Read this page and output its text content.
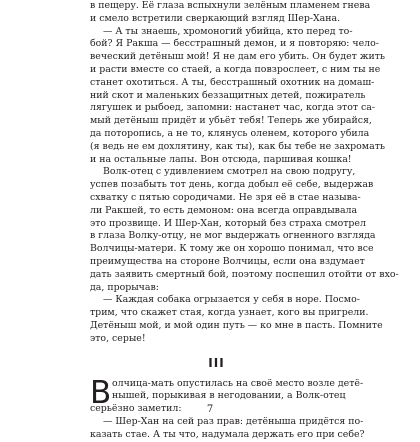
в пещеру. Её глаза вспыхнули зелёным пламенем гнева
и смело встретили сверкающий взгляд Шер-Хана.
— А ты знаешь, хромоногий убийца, кто перед то-
бой? Я Ракша — бесстрашный демон, и я повторяю: чело-
веческий детёныш мой! Я не дам его убить. Он будет жить
и расти вместе со стаей, а когда повзрослеет, с ним ты не
станет охотиться. А ты, бесстрашный охотник на домаш-
ний скот и маленьких беззащитных детей, пожиратель
лягушек и рыбоед, запомни: настанет час, когда этот са-
мый детёныш придёт и убьёт тебя! Теперь же убирайся,
да поторопись, а не то, клянусь оленем, которого убила
(я ведь не ем дохлятину, как ты), как бы тебе не захромать
и на остальные лапы. Вон отсюда, паршивая кошка!
Волк-отец с удивлением смотрел на свою подругу,
успев позабыть тот день, когда добыл её себе, выдержав
схватку с пятью сородичами. Не зря её в стае называ-
ли Ракшей, то есть демоном: она всегда оправдывала
это прозвище. И Шер-Хан, который без страха смотрел
в глаза Волку-отцу, не мог выдержать огненного взгляда
Волчицы-матери. К тому же он хорошо понимал, что все
преимущества на стороне Волчицы, если она вздумает
дать заявить смертный бой, поэтому поспешил отойти от вхо-
да, прорычав:
— Каждая собака огрызается у себя в норе. Посмо-
трим, что скажет стая, когда узнает, кого вы пригрели.
Детёныш мой, и мой один путь — ко мне в пасть. Помните
это, серые!
III
В олчица-мать опустилась на своё место возле детё-
нышей, порыкивая в негодовании, а Волк-отец
серьёзно заметил:
— Шер-Хан на сей раз прав: детёныша придётся по-
казать стае. А ты что, надумала держать его при себе?
7
